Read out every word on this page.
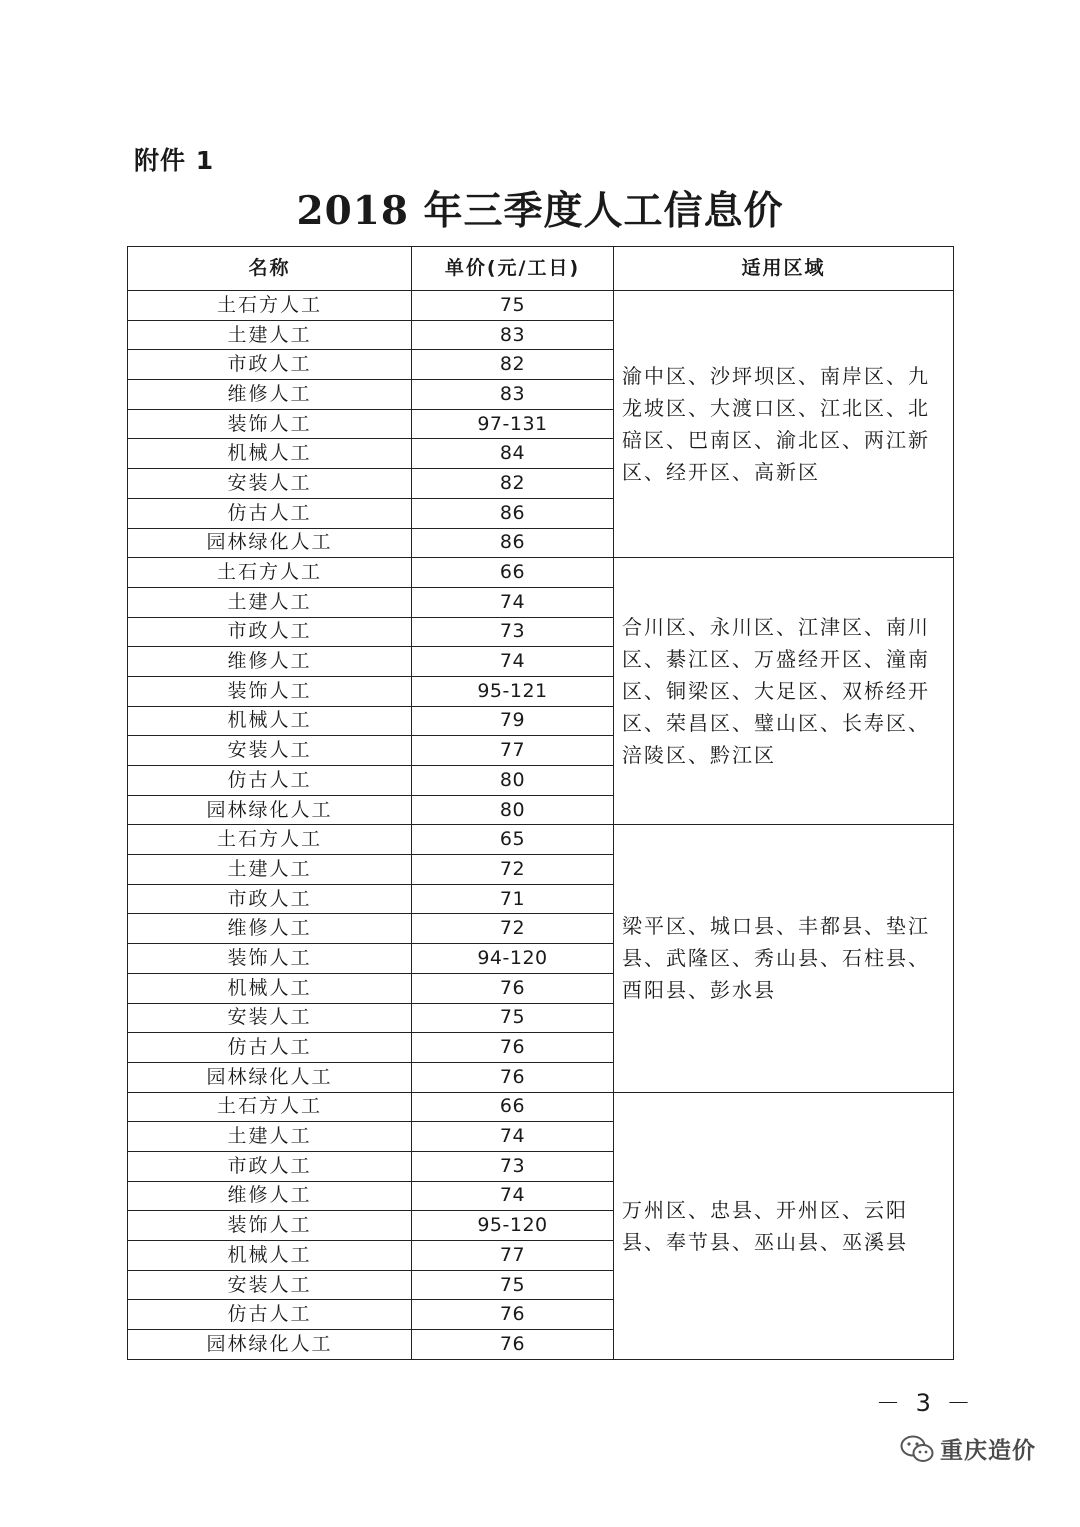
附件 1
2018 年三季度人工信息价
名称	单价(元/工日)	适用区域
土石方人工	75	渝中区、沙坪坝区、南岸区、九龙坡区、大渡口区、江北区、北碚区、巴南区、渝北区、两江新区、经开区、高新区
土建人工	83	
市政人工	82	
维修人工	83	
装饰人工	97-131	
机械人工	84	
安装人工	82	
仿古人工	86	
园林绿化人工	86	
土石方人工	66	合川区、永川区、江津区、南川区、綦江区、万盛经开区、潼南区、铜梁区、大足区、双桥经开区、荣昌区、璧山区、长寿区、涪陵区、黔江区
土建人工	74	
市政人工	73	
维修人工	74	
装饰人工	95-121	
机械人工	79	
安装人工	77	
仿古人工	80	
园林绿化人工	80	
土石方人工	65	梁平区、城口县、丰都县、垫江县、武隆区、秀山县、石柱县、酉阳县、彭水县
土建人工	72	
市政人工	71	
维修人工	72	
装饰人工	94-120	
机械人工	76	
安装人工	75	
仿古人工	76	
园林绿化人工	76	
土石方人工	66	万州区、忠县、开州区、云阳县、奉节县、巫山县、巫溪县
土建人工	74	
市政人工	73	
维修人工	74	
装饰人工	95-120	
机械人工	77	
安装人工	75	
仿古人工	76	
园林绿化人工	76	
－ 3 －
重庆造价
